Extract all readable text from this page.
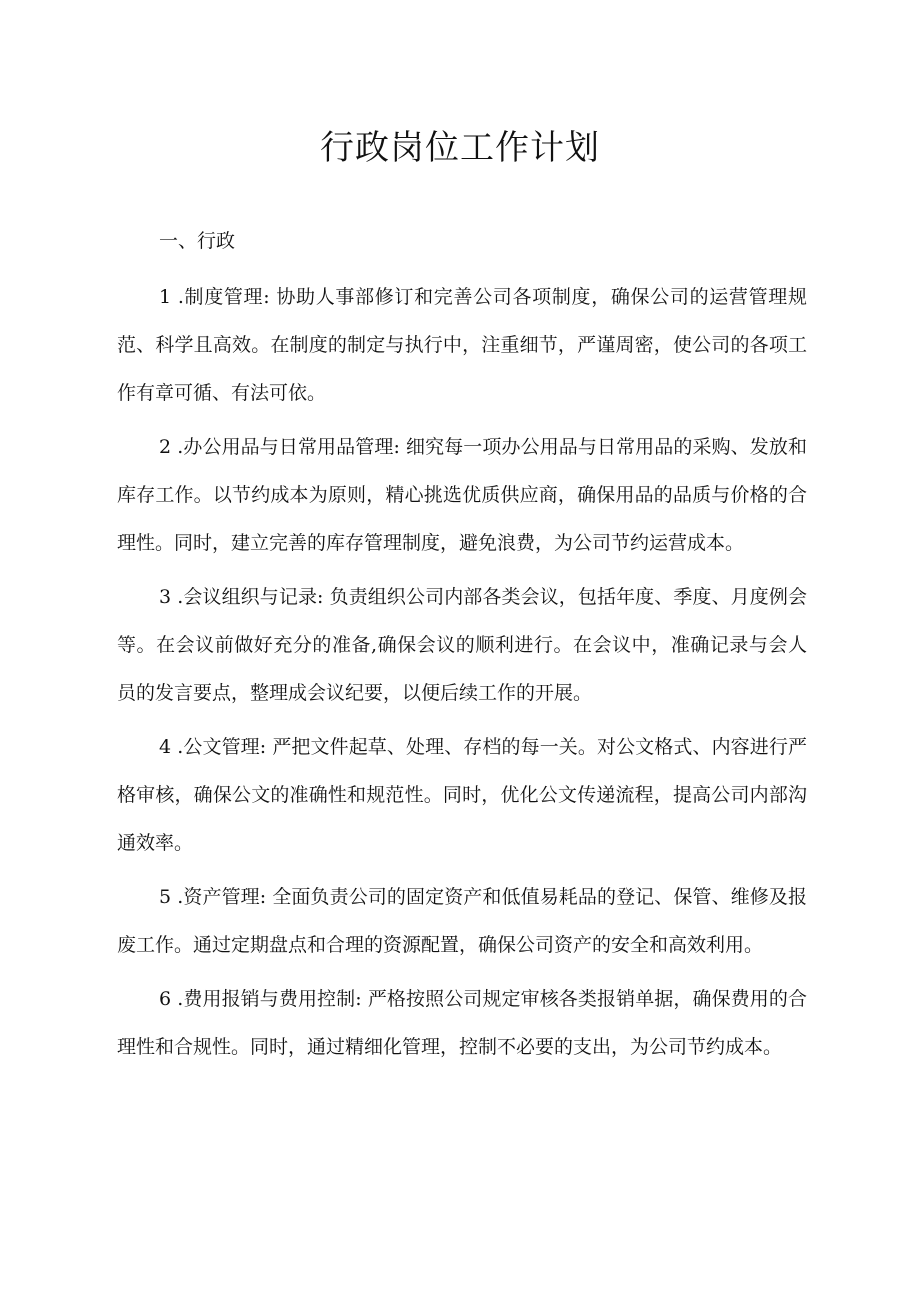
行政岗位工作计划

一、行政

1 .制度管理: 协助人事部修订和完善公司各项制度，确保公司的运营管理规范、科学且高效。在制度的制定与执行中，注重细节，严谨周密，使公司的各项工作有章可循、有法可依。

2 .办公用品与日常用品管理: 细究每一项办公用品与日常用品的采购、发放和库存工作。以节约成本为原则，精心挑选优质供应商，确保用品的品质与价格的合理性。同时，建立完善的库存管理制度，避免浪费，为公司节约运营成本。

3 .会议组织与记录: 负责组织公司内部各类会议，包括年度、季度、月度例会等。在会议前做好充分的准备,确保会议的顺利进行。在会议中，准确记录与会人员的发言要点，整理成会议纪要，以便后续工作的开展。

4 .公文管理: 严把文件起草、处理、存档的每一关。对公文格式、内容进行严格审核，确保公文的准确性和规范性。同时，优化公文传递流程，提高公司内部沟通效率。

5 .资产管理: 全面负责公司的固定资产和低值易耗品的登记、保管、维修及报废工作。通过定期盘点和合理的资源配置，确保公司资产的安全和高效利用。

6 .费用报销与费用控制: 严格按照公司规定审核各类报销单据，确保费用的合理性和合规性。同时，通过精细化管理，控制不必要的支出，为公司节约成本。
